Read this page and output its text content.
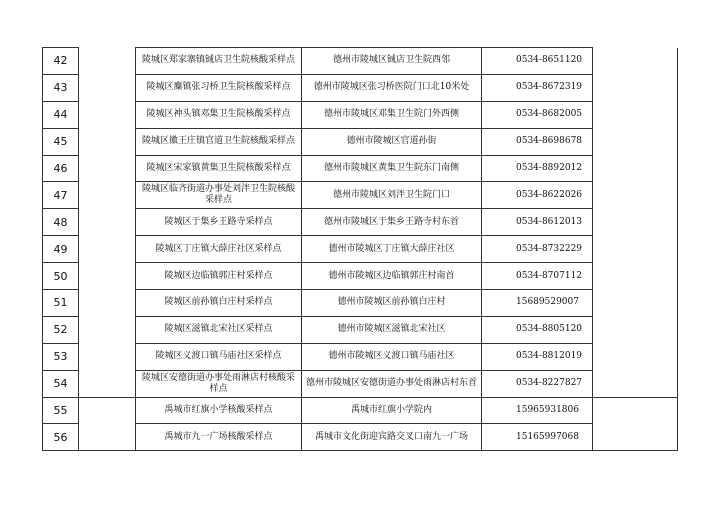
42		陵城区郑家寨镇铖店卫生院核酸采样点	德州市陵城区铖店卫生院西邻	0534-8651120	
43		陵城区麋镇张习桥卫生院核酸采样点	德州市陵城区张习桥医院门口北10米处	0534-8672319	
44		陵城区神头镇邓集卫生院核酸采样点	德州市陵城区邓集卫生院门外西侧	0534-8682005	
45		陵城区徽王庄镇官道卫生院核酸采样点	德州市陵城区官道孙街	0534-8698678	
46		陵城区宋家镇黄集卫生院核酸采样点	德州市陵城区黄集卫生院东门南侧	0534-8892012	
47		陵城区临齐街道办事处刘泮卫生院核酸采样点	德州市陵城区刘泮卫生院门口	0534-8622026	
48		陵城区于集乡王路寺采样点	德州市陵城区于集乡王路寺村东首	0534-8612013	
49		陵城区丁庄镇大薛庄社区采样点	德州市陵城区丁庄镇大薛庄社区	0534-8732229	
50		陵城区边临镇郭庄村采样点	德州市陵城区边临镇郭庄村南首	0534-8707112	
51		陵城区前孙镇白庄村采样点	德州市陵城区前孙镇白庄村	15689529007	
52		陵城区滋镇北宋社区采样点	德州市陵城区滋镇北宋社区	0534-8805120	
53		陵城区义渡口镇马庙社区采样点	德州市陵城区义渡口镇马庙社区	0534-8812019	
54		陵城区安德街道办事处雨淋店村核酸采样点	德州市陵城区安德街道办事处雨淋店村东首	0534-8227827	
55		禹城市红旗小学核酸采样点	禹城市红旗小学院内	15965931806	
56		禹城市九一广场核酸采样点	禹城市文化街迎宾路交叉口南九一广场	15165997068	
